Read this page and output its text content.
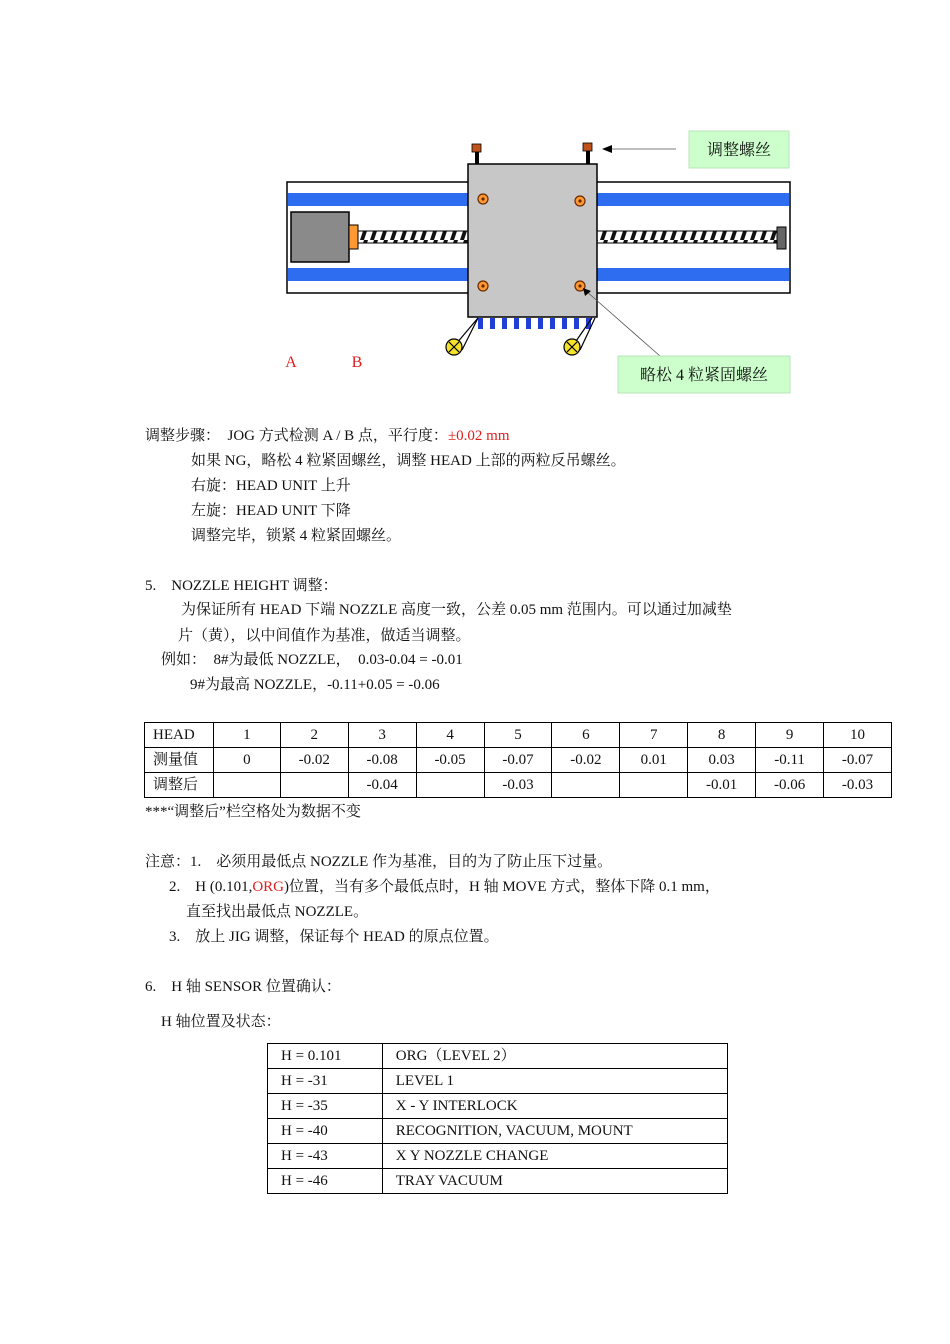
调整螺丝
略松 4 粒紧固螺丝
A	B
调整步骤：　JOG 方式检测 A / B 点，平行度：±0.02 mm
如果 NG，略松 4 粒紧固螺丝，调整 HEAD 上部的两粒反吊螺丝。
右旋：HEAD UNIT 上升
左旋：HEAD UNIT 下降
调整完毕，锁紧 4 粒紧固螺丝。
5.　NOZZLE HEIGHT 调整：
为保证所有 HEAD 下端 NOZZLE 高度一致，公差 0.05 mm 范围内。可以通过加减垫
片（黄），以中间值作为基准，做适当调整。
例如：　8#为最低 NOZZLE，　0.03-0.04 = -0.01
9#为最高 NOZZLE，-0.11+0.05 = -0.06
HEAD	1	2	3	4	5	6	7	8	9	10
测量值	0	-0.02	-0.08	-0.05	-0.07	-0.02	0.01	0.03	-0.11	-0.07
调整后			-0.04		-0.03			-0.01	-0.06	-0.03
***“调整后”栏空格处为数据不变
注意：1.　必须用最低点 NOZZLE 作为基准，目的为了防止压下过量。
2.　H (0.101,ORG)位置，当有多个最低点时，H 轴 MOVE 方式，整体下降 0.1 mm，
直至找出最低点 NOZZLE。
3.　放上 JIG 调整，保证每个 HEAD 的原点位置。
6.　H 轴 SENSOR 位置确认：
H 轴位置及状态：
H = 0.101	ORG（LEVEL 2）
H = -31	LEVEL 1
H = -35	X - Y INTERLOCK
H = -40	RECOGNITION, VACUUM, MOUNT
H = -43	X Y NOZZLE CHANGE
H = -46	TRAY VACUUM
